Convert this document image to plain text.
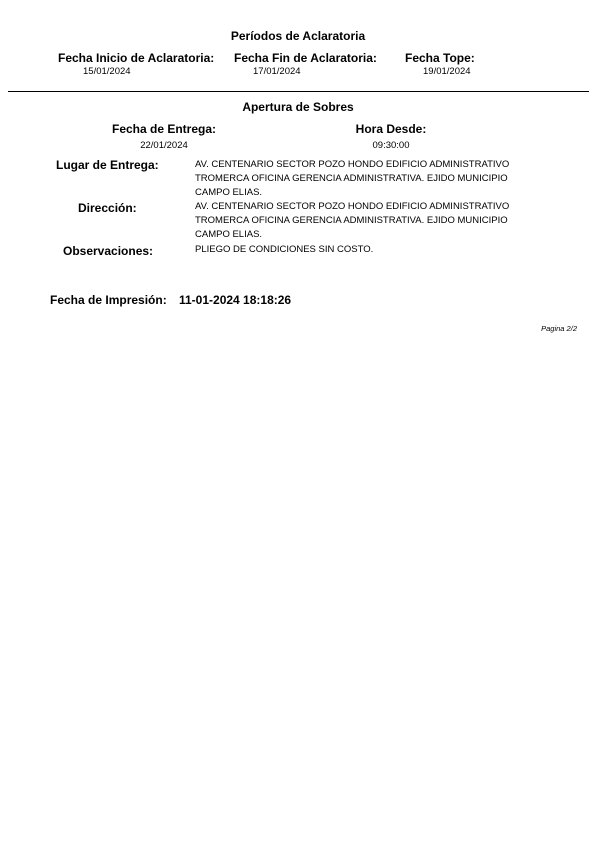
Períodos de Aclaratoria
Fecha Inicio de Aclaratoria:
15/01/2024
Fecha Fin de Aclaratoria:
17/01/2024
Fecha Tope:
19/01/2024
Apertura de Sobres
Fecha de Entrega:
22/01/2024
Hora Desde:
09:30:00
Lugar de Entrega:	AV. CENTENARIO SECTOR POZO HONDO EDIFICIO ADMINISTRATIVO
TROMERCA OFICINA GERENCIA ADMINISTRATIVA. EJIDO MUNICIPIO
CAMPO ELIAS.
Dirección:	AV. CENTENARIO SECTOR POZO HONDO EDIFICIO ADMINISTRATIVO
TROMERCA OFICINA GERENCIA ADMINISTRATIVA. EJIDO MUNICIPIO
CAMPO ELIAS.
Observaciones:	PLIEGO DE CONDICIONES SIN COSTO.
Fecha de Impresión: 11-01-2024 18:18:26
Pagina 2/2
